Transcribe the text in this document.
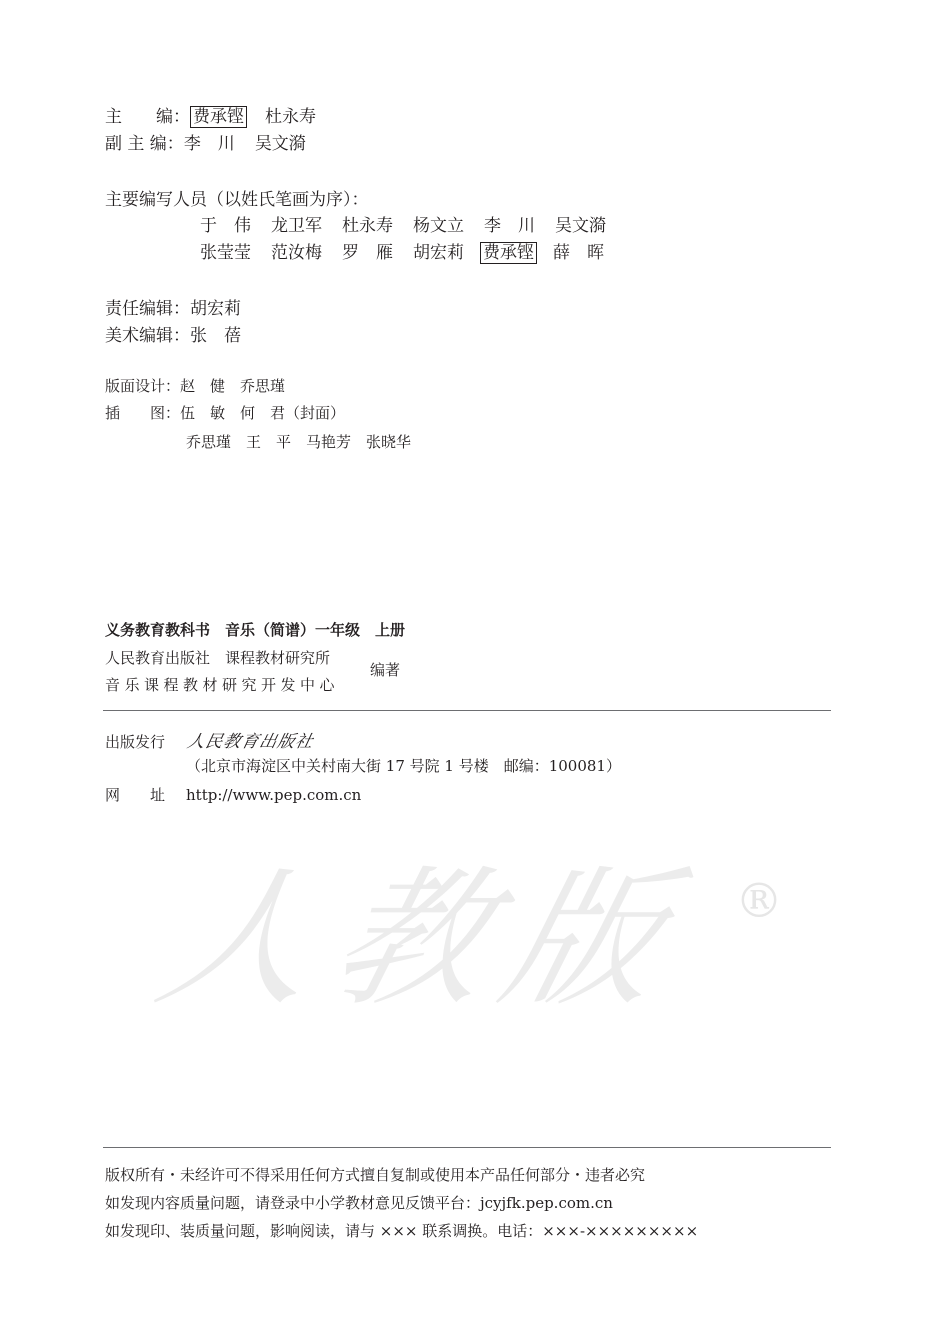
主　　编： 费承铿 杜永寿
副 主 编：李　川 吴文漪
主要编写人员（以姓氏笔画为序）：
于　伟 龙卫军 杜永寿 杨文立 李　川 吴文漪
张莹莹 范汝梅 罗　雁 胡宏莉 费承铿 薛　晖
责任编辑：胡宏莉
美术编辑：张　蓓
版面设计：赵　健　乔思瑾
插　　图：伍　敏　何　君（封面）
乔思瑾　王　平　马艳芳　张晓华
义务教育教科书　音乐（简谱）一年级　上册
人民教育出版社　课程教材研究所
音乐课程教材研究开发中心
编著
出版发行 人民教育出版社
（北京市海淀区中关村南大街 17 号院 1 号楼　邮编：100081）
网　　址 http://www.pep.com.cn
人教版 ®
版权所有・未经许可不得采用任何方式擅自复制或使用本产品任何部分・违者必究
如发现内容质量问题，请登录中小学教材意见反馈平台：jcyjfk.pep.com.cn
如发现印、装质量问题，影响阅读，请与 ××× 联系调换。电话：×××-×××××××××
